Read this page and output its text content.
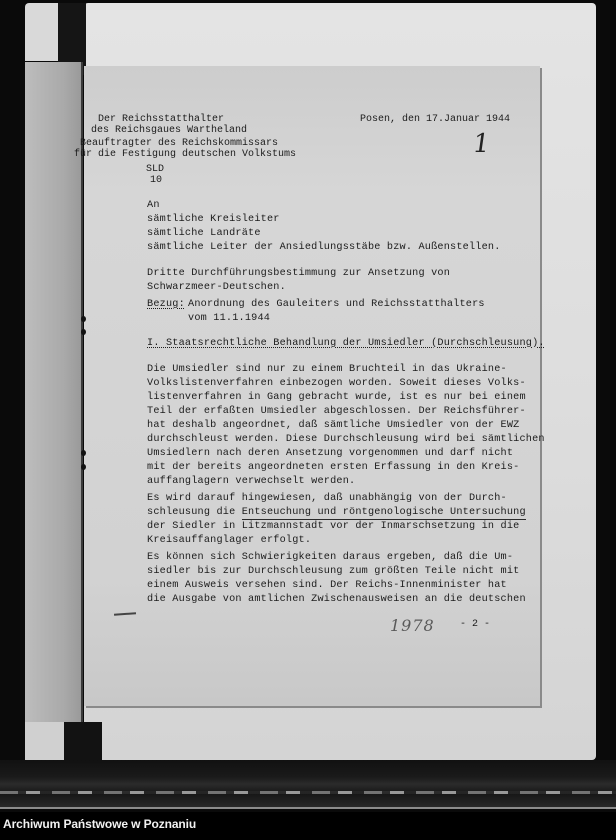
Der Reichsstatthalter
des Reichsgaues Wartheland
Beauftragter des Reichskommissars
für die Festigung deutschen Volkstums
Posen, den 17.Januar 1944
1
SLD
10
An
sämtliche Kreisleiter
sämtliche Landräte
sämtliche Leiter der Ansiedlungsstäbe bzw. Außenstellen.
Dritte Durchführungsbestimmung zur Ansetzung von
Schwarzmeer-Deutschen.
Bezug: Anordnung des Gauleiters und Reichsstatthalters
vom 11.1.1944
I. Staatsrechtliche Behandlung der Umsiedler (Durchschleusung).
Die Umsiedler sind nur zu einem Bruchteil in das Ukraine-
Volkslistenverfahren einbezogen worden. Soweit dieses Volks-
listenverfahren in Gang gebracht wurde, ist es nur bei einem
Teil der erfaßten Umsiedler abgeschlossen. Der Reichsführer-
hat deshalb angeordnet, daß sämtliche Umsiedler von der EWZ
durchschleust werden. Diese Durchschleusung wird bei sämtlichen
Umsiedlern nach deren Ansetzung vorgenommen und darf nicht
mit der bereits angeordneten ersten Erfassung in den Kreis-
auffanglagern verwechselt werden.
Es wird darauf hingewiesen, daß unabhängig von der Durch-
schleusung die Entseuchung und röntgenologische Untersuchung
der Siedler in Litzmannstadt vor der Inmarschsetzung in die
Kreisauffanglager erfolgt.
Es können sich Schwierigkeiten daraus ergeben, daß die Um-
siedler bis zur Durchschleusung zum größten Teile nicht mit
einem Ausweis versehen sind. Der Reichs-Innenminister hat
die Ausgabe von amtlichen Zwischenausweisen an die deutschen
1978	- 2 -
Archiwum Państwowe w Poznaniu
